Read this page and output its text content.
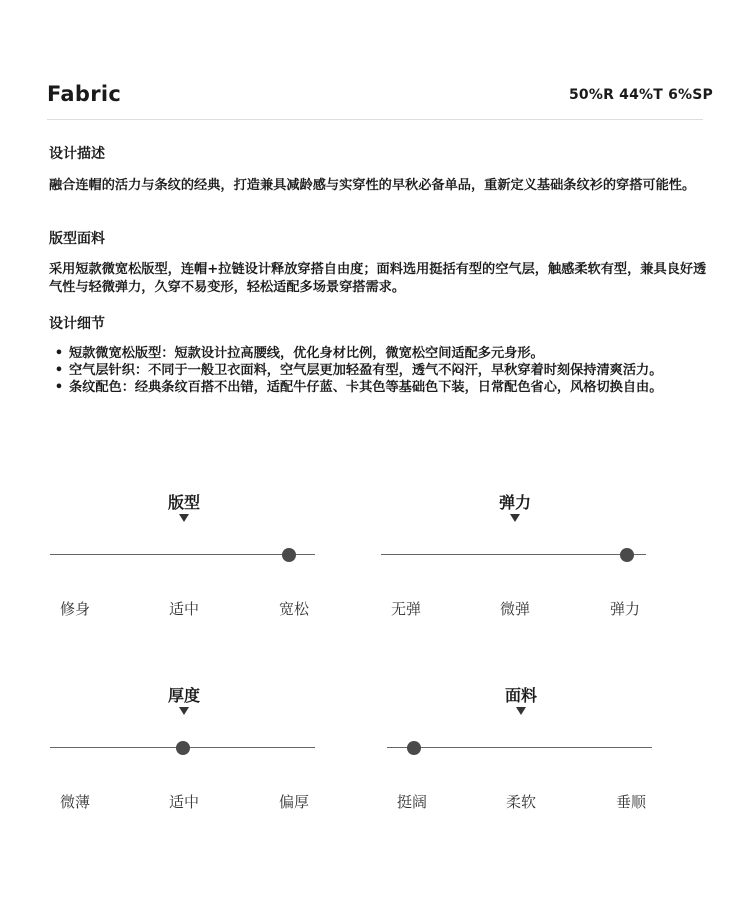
Fabric	50%R 44%T 6%SP
设计描述
融合连帽的活力与条纹的经典，打造兼具减龄感与实穿性的早秋必备单品，重新定义基础条纹衫的穿搭可能性。
版型面料
采用短款微宽松版型，连帽+拉链设计释放穿搭自由度；面料选用挺括有型的空气层，触感柔软有型，兼具良好透气性与轻微弹力，久穿不易变形，轻松适配多场景穿搭需求。
设计细节
• 短款微宽松版型：短款设计拉高腰线，优化身材比例，微宽松空间适配多元身形。
• 空气层针织：不同于一般卫衣面料，空气层更加轻盈有型，透气不闷汗，早秋穿着时刻保持清爽活力。
• 条纹配色：经典条纹百搭不出错，适配牛仔蓝、卡其色等基础色下装，日常配色省心，风格切换自由。
版型
修身	适中	宽松
弹力
无弹	微弹	弹力
厚度
微薄	适中	偏厚
面料
挺阔	柔软	垂顺
